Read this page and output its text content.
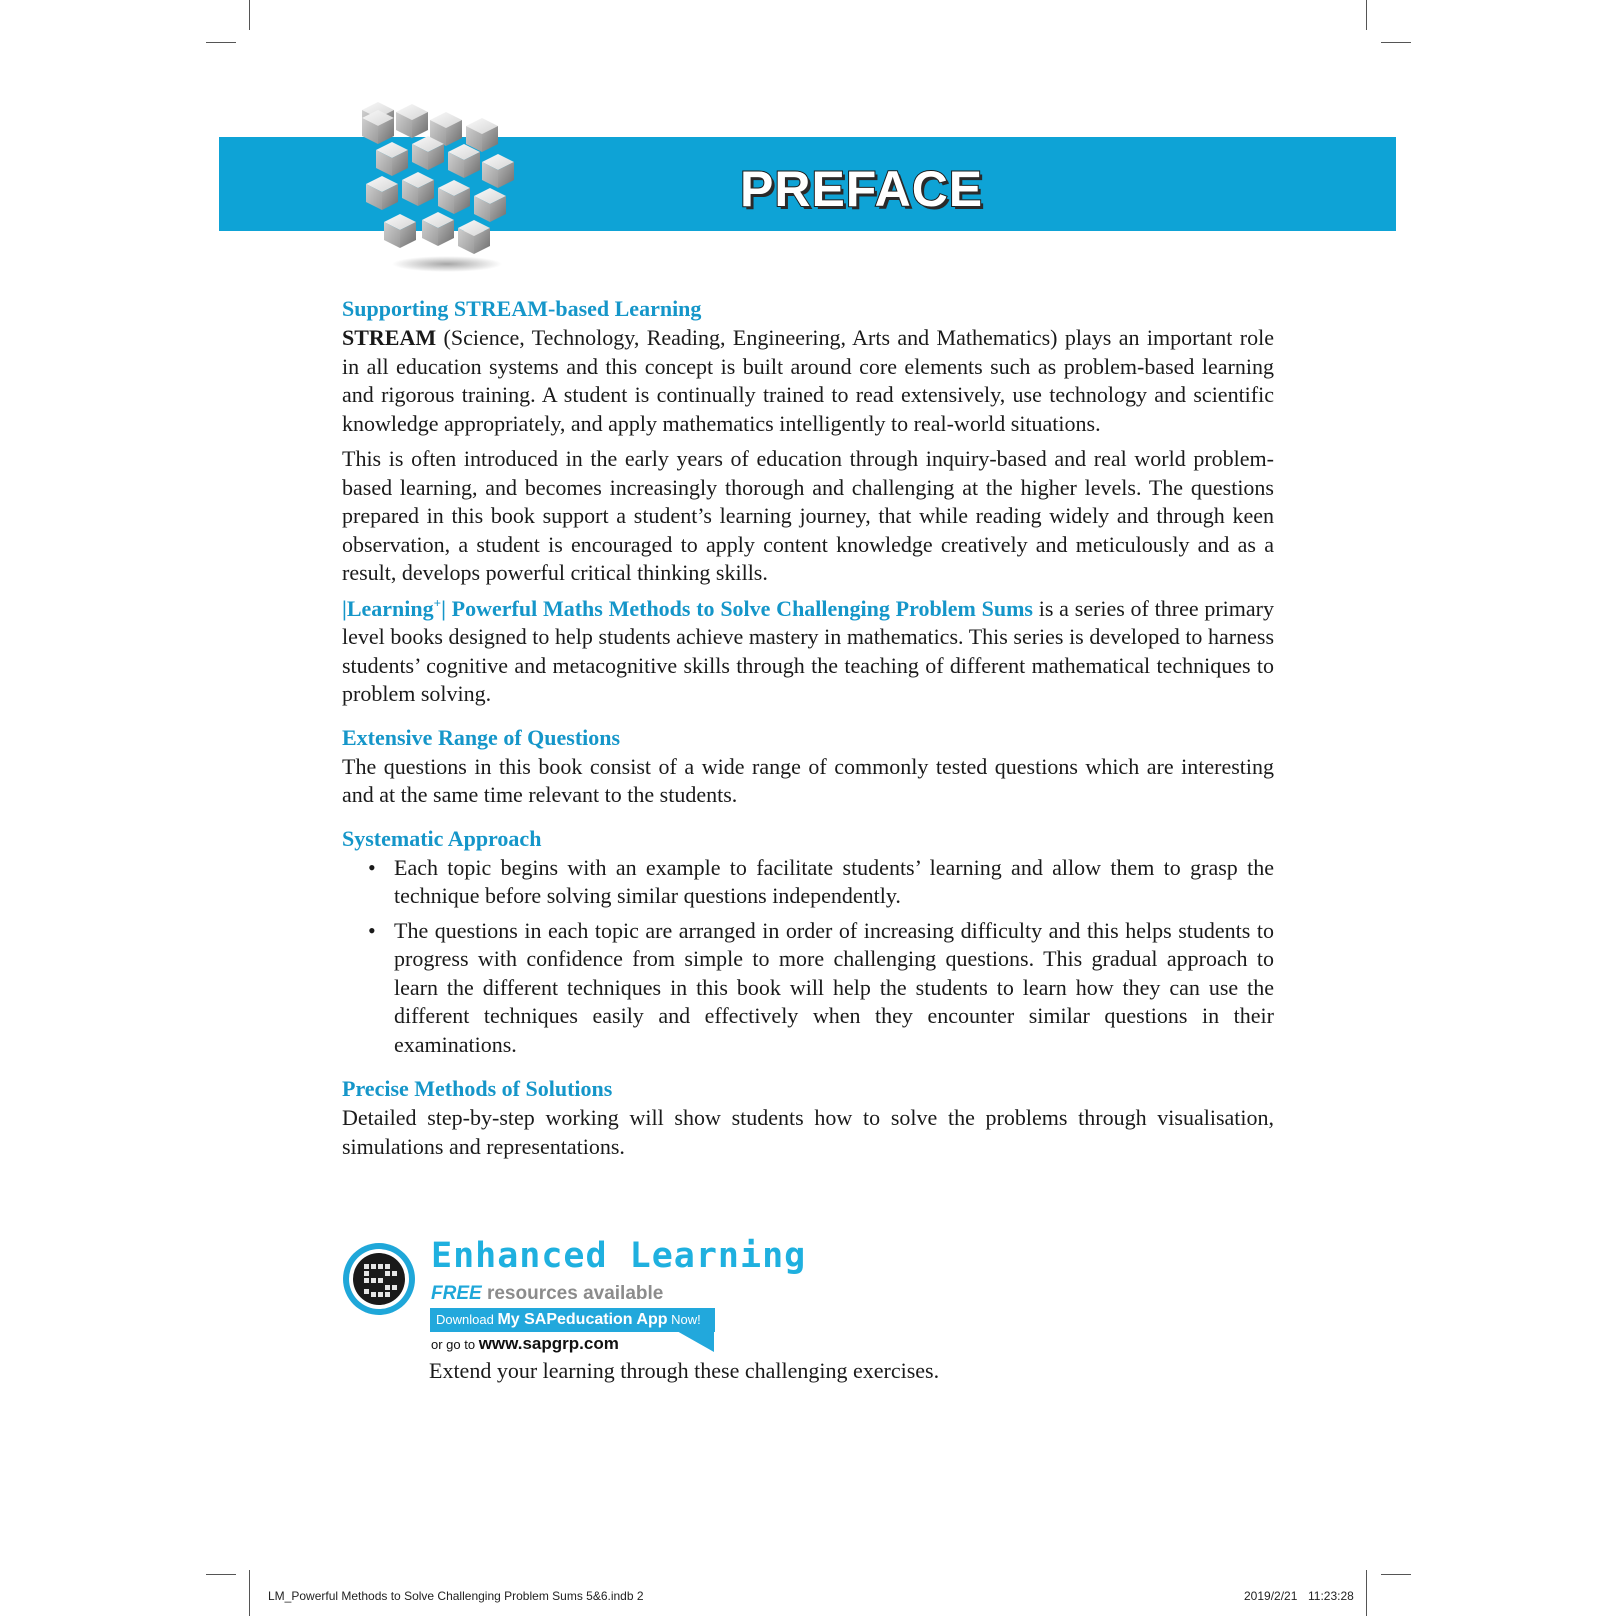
PREFACE
Supporting STREAM-based Learning

STREAM (Science, Technology, Reading, Engineering, Arts and Mathematics) plays an important role in all education systems and this concept is built around core elements such as problem-based learning and rigorous training. A student is continually trained to read extensively, use technology and scientific knowledge appropriately, and apply mathematics intelligently to real-world situations.

This is often introduced in the early years of education through inquiry-based and real world problem-based learning, and becomes increasingly thorough and challenging at the higher levels. The questions prepared in this book support a student’s learning journey, that while reading widely and through keen observation, a student is encouraged to apply content knowledge creatively and meticulously and as a result, develops powerful critical thinking skills.

|Learning+| Powerful Maths Methods to Solve Challenging Problem Sums is a series of three primary level books designed to help students achieve mastery in mathematics. This series is developed to harness students’ cognitive and metacognitive skills through the teaching of different mathematical techniques to problem solving.

Extensive Range of Questions

The questions in this book consist of a wide range of commonly tested questions which are interesting and at the same time relevant to the students.

Systematic Approach
• Each topic begins with an example to facilitate students’ learning and allow them to grasp the technique before solving similar questions independently.
• The questions in each topic are arranged in order of increasing difficulty and this helps students to progress with confidence from simple to more challenging questions. This gradual approach to learn the different techniques in this book will help the students to learn how they can use the different techniques easily and effectively when they encounter similar questions in their examinations.
Precise Methods of Solutions

Detailed step-by-step working will show students how to solve the problems through visualisation, simulations and representations.

Enhanced Learning
FREE resources available
Download My SAPeducation App Now!
or go to www.sapgrp.com
Extend your learning through these challenging exercises.
LM_Powerful Methods to Solve Challenging Problem Sums 5&6.indb 2	2019/2/21 11:23:28
